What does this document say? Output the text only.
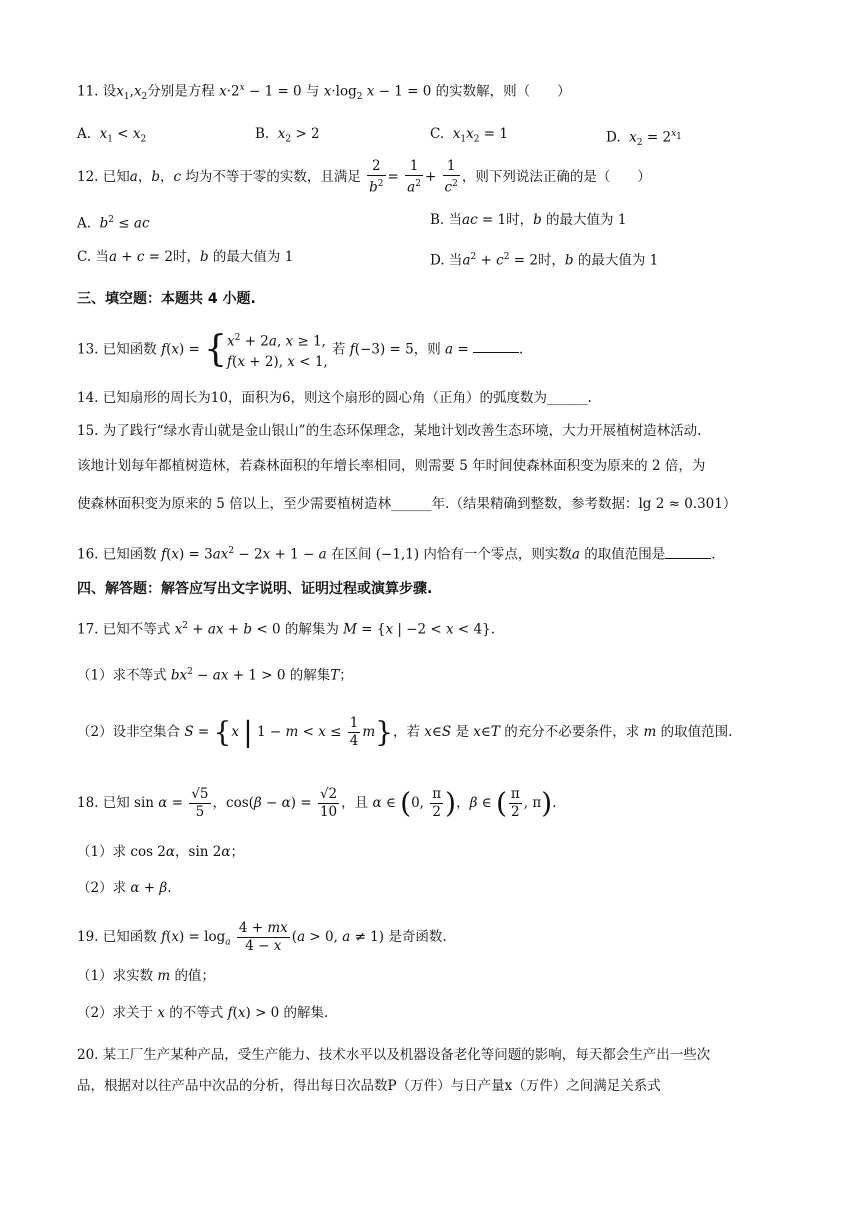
11. 设$x_1,x_2$分别是方程 $x\cdot 2^x - 1 = 0$ 与 $x\cdot\log_2$ x − 1 = 0 的实数解，则（　　）
A.  $x_1 < x_2$	B.  $x_2 > 2$	C.  $x_1x_2 = 1$	D.  $x_2 = 2^{x_1}$
12. 已知a，b，c 均为不等于零的实数，且满足 $\frac{2}{b^2} = \frac{1}{a^2} + \frac{1}{c^2}$ ，则下列说法正确的是（　　）
A.  $b^2$ ≤ ac	B. 当ac = 1时，b 的最大值为 1
C. 当a + c = 2时，b 的最大值为 1	D. 当$a^2 + c^2 = 2$时，b 的最大值为 1
三、填空题：本题共 4 小题.
13. 已知函数 f(x) = { $x^2 + 2a$, x ≥ 1,
f(x + 2), x < 1,
若 f(−3) = 5，则 a =	.
14. 已知扇形的周长为10，面积为6，则这个扇形的圆心角（正角）的弧度数为______.
15. 为了践行“绿水青山就是金山银山”的生态环保理念，某地计划改善生态环境，大力开展植树造林活动.
该地计划每年都植树造林，若森林面积的年增长率相同，则需要 5 年时间使森林面积变为原来的 2 倍，为
使森林面积变为原来的 5 倍以上，至少需要植树造林______年.（结果精确到整数，参考数据：lg 2 ≈ 0.301）
16. 已知函数 $f(x) = 3ax^2 - 2x + 1 - a$ 在区间 (−1,1) 内恰有一个零点，则实数a 的取值范围是	.
四、解答题：解答应写出文字说明、证明过程或演算步骤.
17. 已知不等式 $x^2$ + ax + b < 0 的解集为 M = {x | −2 < x < 4}.
（1）求不等式 $bx^2$ − ax + 1 > 0 的解集T；
（2）设非空集合 S = {x | $1 - m < x \le \frac{1}{4} m$}，若 x∈S 是 x∈T 的充分不必要条件，求 m 的取值范围.
18. 已知 $\sin \alpha = \frac{√5}{5}$ ，$\cos(\beta - \alpha) = \frac{√2}{10}$ ，且 α ∈ (0, $\frac{\pi}{2}$ )，β ∈ ( $\frac{\pi}{2}$ , π).
（1）求 cos 2α，sin 2α；
（2）求 α + β.
19. 已知函数 $f(x) = \log_a \frac{4 + mx}{4 - x} (a > 0$, a ≠ 1) 是奇函数.
（1）求实数 m 的值；
（2）求关于 x 的不等式 f(x) > 0 的解集.
20. 某工厂生产某种产品，受生产能力、技术水平以及机器设备老化等问题的影响，每天都会生产出一些次
品，根据对以往产品中次品的分析，得出每日次品数P（万件）与日产量x（万件）之间满足关系式
